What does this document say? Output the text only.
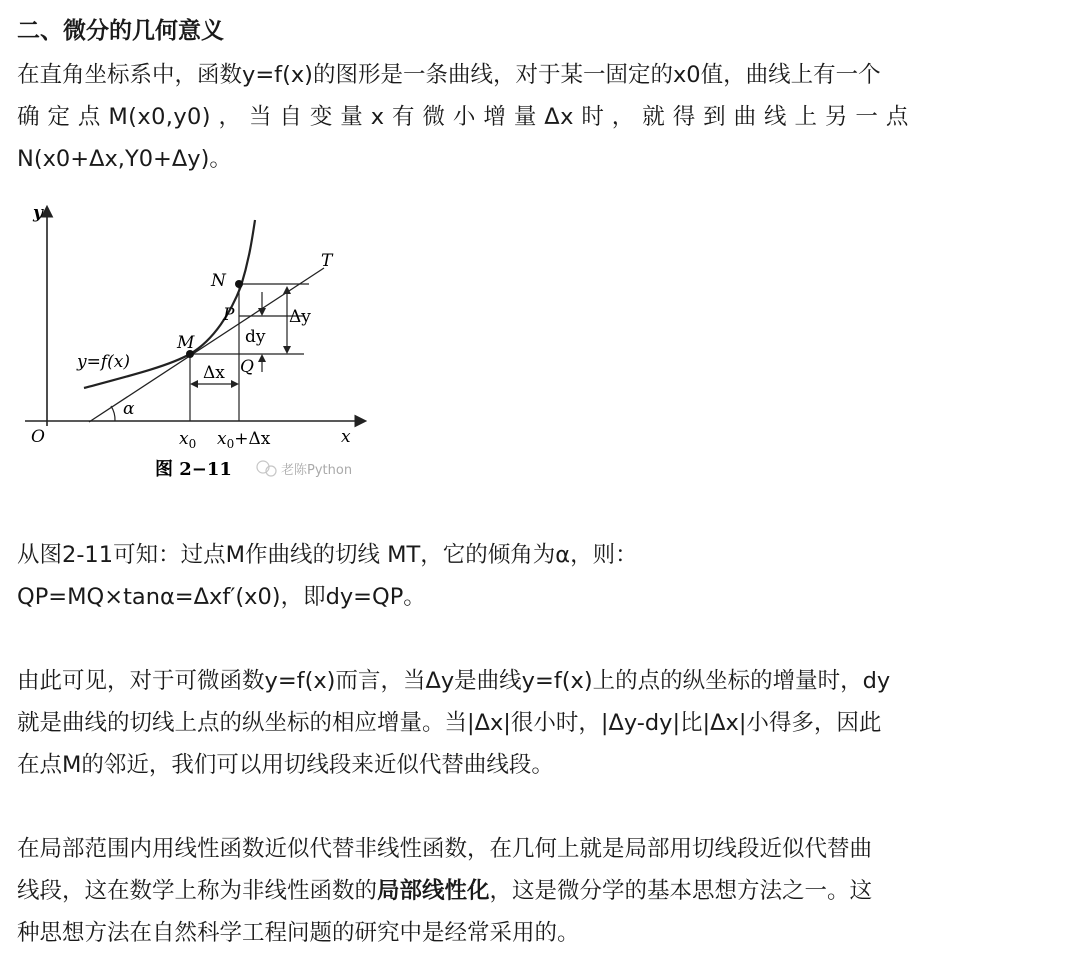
二、微分的几何意义

在直角坐标系中，函数y=f(x)的图形是一条曲线，对于某一固定的x0值，曲线上有一个
确 定 点 M(x0,y0) ， 当 自 变 量 x 有 微 小 增 量 Δx 时 ， 就 得 到 曲 线 上 另 一 点
N(x0+Δx,Y0+Δy)。

y
x
O
T
N
M
P
Q
y=f(x)
dy
Δy
Δx
α
$x_0$ $x_0+\Delta x$
图 2−11	老陈Python

从图2-11可知：过点M作曲线的切线 MT，它的倾角为α，则：
QP=MQ×tanα=Δxf′(x0)，即dy=QP。

由此可见，对于可微函数y=f(x)而言，当Δy是曲线y=f(x)上的点的纵坐标的增量时，dy
就是曲线的切线上点的纵坐标的相应增量。当|Δx|很小时，|Δy-dy|比|Δx|小得多，因此
在点M的邻近，我们可以用切线段来近似代替曲线段。

在局部范围内用线性函数近似代替非线性函数，在几何上就是局部用切线段近似代替曲
线段，这在数学上称为非线性函数的局部线性化，这是微分学的基本思想方法之一。这
种思想方法在自然科学工程问题的研究中是经常采用的。
